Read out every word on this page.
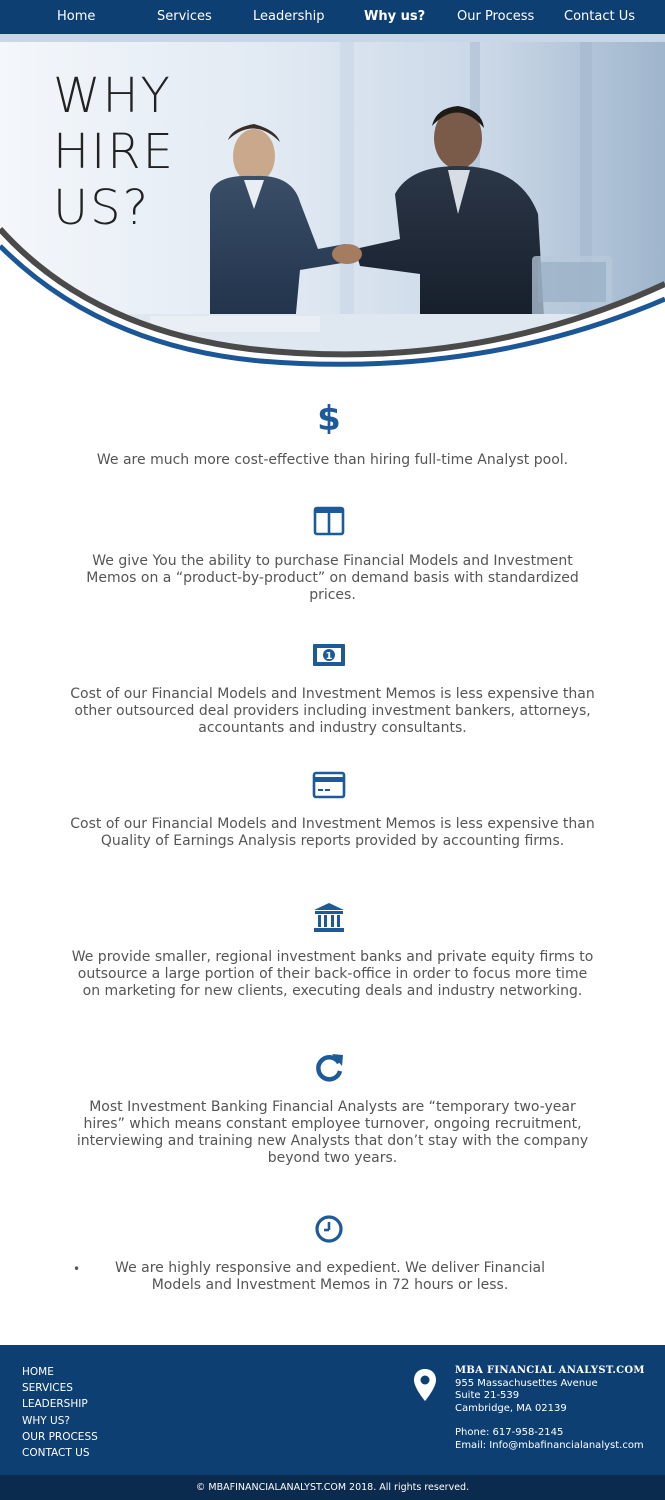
Home	Services	Leadership	Why us? Our Process Contact Us
WHY
HIRE
US?
$

We are much more cost-effective than hiring full-time Analyst pool.

We give You the ability to purchase Financial Models and Investment Memos on a “product-by-product” on demand basis with standardized prices.

1

Cost of our Financial Models and Investment Memos is less expensive than other outsourced deal providers including investment bankers, attorneys, accountants and industry consultants.

Cost of our Financial Models and Investment Memos is less expensive than Quality of Earnings Analysis reports provided by accounting firms.

We provide smaller, regional investment banks and private equity firms to outsource a large portion of their back-office in order to focus more time on marketing for new clients, executing deals and industry networking.

Most Investment Banking Financial Analysts are “temporary two-year hires” which means constant employee turnover, ongoing recruitment, interviewing and training new Analysts that don’t stay with the company beyond two years.

•	We are highly responsive and expedient. We deliver Financial Models and Investment Memos in 72 hours or less.

HOME
SERVICES
LEADERSHIP
WHY US?
OUR PROCESS
CONTACT US
MBA FINANCIAL ANALYST.COM
955 Massachusettes Avenue
Suite 21-539
Cambridge, MA 02139
Phone: 617-958-2145
Email: Info@mbafinancialanalyst.com
© MBAFINANCIALANALYST.COM 2018. All rights reserved.
